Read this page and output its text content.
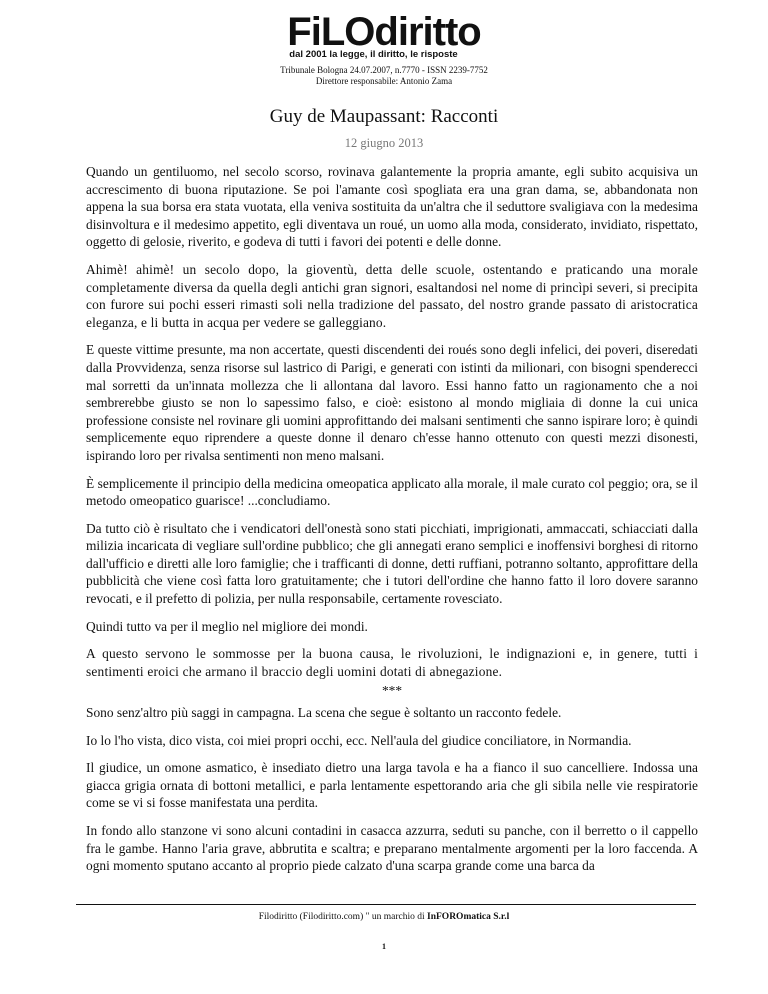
FiLOdiritto
dal 2001 la legge, il diritto, le risposte
Tribunale Bologna 24.07.2007, n.7770 - ISSN 2239-7752
Direttore responsabile: Antonio Zama
Guy de Maupassant: Racconti
12 giugno 2013

Quando un gentiluomo, nel secolo scorso, rovinava galantemente la propria amante, egli subito acquisiva un accrescimento di buona riputazione. Se poi l'amante così spogliata era una gran dama, se, abbandonata non appena la sua borsa era stata vuotata, ella veniva sostituita da un'altra che il seduttore svaligiava con la medesima disinvoltura e il medesimo appetito, egli diventava un roué, un uomo alla moda, considerato, invidiato, rispettato, oggetto di gelosie, riverito, e godeva di tutti i favori dei potenti e delle donne.

Ahimè! ahimè! un secolo dopo, la gioventù, detta delle scuole, ostentando e praticando una morale completamente diversa da quella degli antichi gran signori, esaltandosi nel nome di princìpi severi, si precipita con furore sui pochi esseri rimasti soli nella tradizione del passato, del nostro grande passato di aristocratica eleganza, e li butta in acqua per vedere se galleggiano.

E queste vittime presunte, ma non accertate, questi discendenti dei roués sono degli infelici, dei poveri, diseredati dalla Provvidenza, senza risorse sul lastrico di Parigi, e generati con istinti da milionari, con bisogni spenderecci mal sorretti da un'innata mollezza che li allontana dal lavoro. Essi hanno fatto un ragionamento che a noi sembrerebbe giusto se non lo sapessimo falso, e cioè: esistono al mondo migliaia di donne la cui unica professione consiste nel rovinare gli uomini approfittando dei malsani sentimenti che sanno ispirare loro; è quindi semplicemente equo riprendere a queste donne il denaro ch'esse hanno ottenuto con questi mezzi disonesti, ispirando loro per rivalsa sentimenti non meno malsani.

È semplicemente il principio della medicina omeopatica applicato alla morale, il male curato col peggio; ora, se il metodo omeopatico guarisce! ...concludiamo.

Da tutto ciò è risultato che i vendicatori dell'onestà sono stati picchiati, imprigionati, ammaccati, schiacciati dalla milizia incaricata di vegliare sull'ordine pubblico; che gli annegati erano semplici e inoffensivi borghesi di ritorno dall'ufficio e diretti alle loro famiglie; che i trafficanti di donne, detti ruffiani, potranno soltanto, approfittare della pubblicità che viene così fatta loro gratuitamente; che i tutori dell'ordine che hanno fatto il loro dovere saranno revocati, e il prefetto di polizia, per nulla responsabile, certamente rovesciato.

Quindi tutto va per il meglio nel migliore dei mondi.

A questo servono le sommosse per la buona causa, le rivoluzioni, le indignazioni e, in genere, tutti i sentimenti eroici che armano il braccio degli uomini dotati di abnegazione.

***

Sono senz'altro più saggi in campagna. La scena che segue è soltanto un racconto fedele.

Io lo l'ho vista, dico vista, coi miei propri occhi, ecc. Nell'aula del giudice conciliatore, in Normandia.

Il giudice, un omone asmatico, è insediato dietro una larga tavola e ha a fianco il suo cancelliere. Indossa una giacca grigia ornata di bottoni metallici, e parla lentamente espettorando aria che gli sibila nelle vie respiratorie come se vi si fosse manifestata una perdita.

In fondo allo stanzone vi sono alcuni contadini in casacca azzurra, seduti su panche, con il berretto o il cappello fra le gambe. Hanno l'aria grave, abbrutita e scaltra; e preparano mentalmente argomenti per la loro faccenda. A ogni momento sputano accanto al proprio piede calzato d'una scarpa grande come una barca da

Filodiritto (Filodiritto.com) " un marchio di InFOROmatica S.r.l
1
